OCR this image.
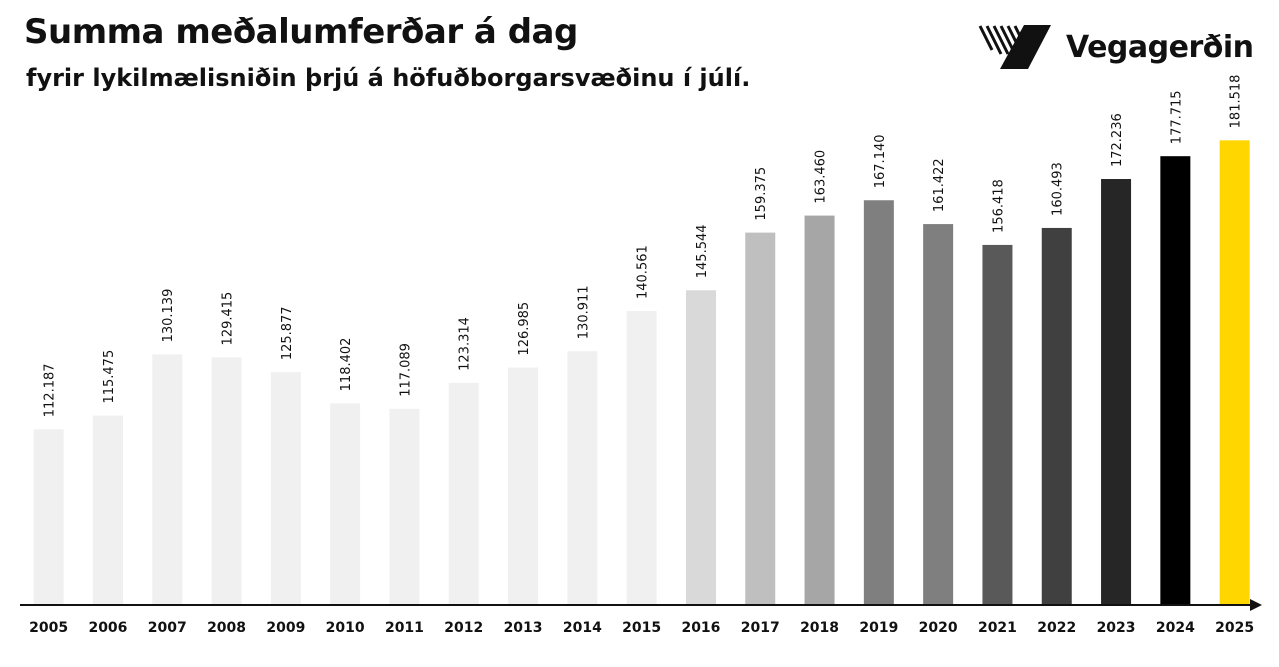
Summa meðalumferðar á dag
fyrir lykilmælisniðin þrjú á höfuðborgarsvæðinu í júlí.
Vegagerðin
112.187	115.475
130.139	129.415	125.877
118.402	117.089	123.314	126.985	130.911
140.561	145.544
159.375	163.460	167.140	161.422	156.418	160.493
172.236	177.715	181.518
2005 2006 2007 2008 2009 2010 2011 2012 2013 2014 2015 2016 2017 2018 2019 2020 2021 2022 2023 2024 2025
